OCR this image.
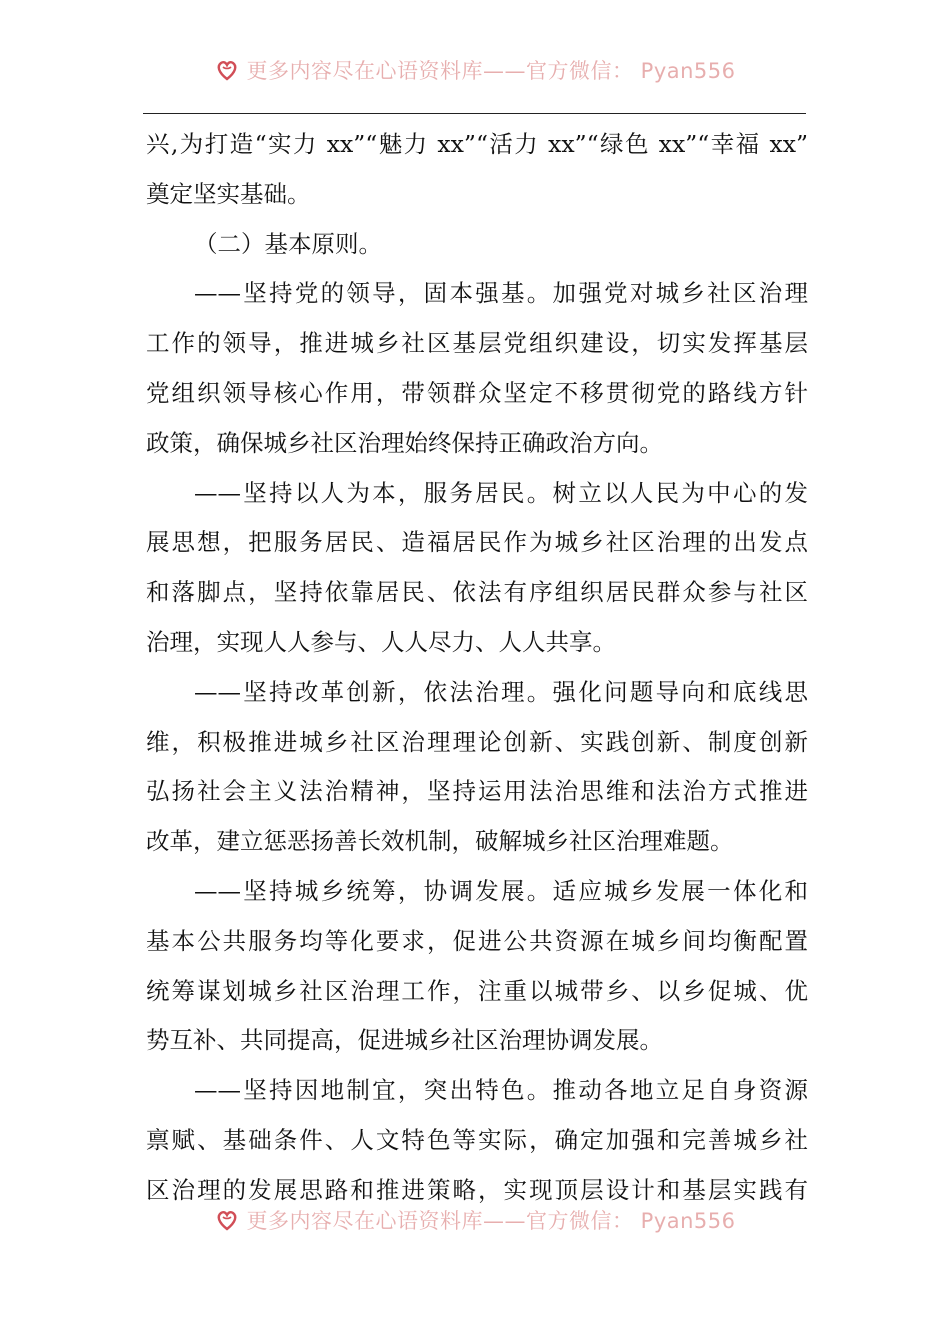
更多内容尽在心语资料库——官方微信： Pyan556
兴,为打造“实力 xx”“魅力 xx”“活力 xx”“绿色 xx”“幸福 xx”
奠定坚实基础。
（二）基本原则。
——坚持党的领导，固本强基。加强党对城乡社区治理
工作的领导，推进城乡社区基层党组织建设，切实发挥基层
党组织领导核心作用，带领群众坚定不移贯彻党的路线方针
政策，确保城乡社区治理始终保持正确政治方向。
——坚持以人为本，服务居民。树立以人民为中心的发
展思想，把服务居民、造福居民作为城乡社区治理的出发点
和落脚点，坚持依靠居民、依法有序组织居民群众参与社区
治理，实现人人参与、人人尽力、人人共享。
——坚持改革创新，依法治理。强化问题导向和底线思
维，积极推进城乡社区治理理论创新、实践创新、制度创新
弘扬社会主义法治精神，坚持运用法治思维和法治方式推进
改革，建立惩恶扬善长效机制，破解城乡社区治理难题。
——坚持城乡统筹，协调发展。适应城乡发展一体化和
基本公共服务均等化要求，促进公共资源在城乡间均衡配置
统筹谋划城乡社区治理工作，注重以城带乡、以乡促城、优
势互补、共同提高，促进城乡社区治理协调发展。
——坚持因地制宜，突出特色。推动各地立足自身资源
禀赋、基础条件、人文特色等实际，确定加强和完善城乡社
区治理的发展思路和推进策略，实现顶层设计和基层实践有
更多内容尽在心语资料库——官方微信： Pyan556
